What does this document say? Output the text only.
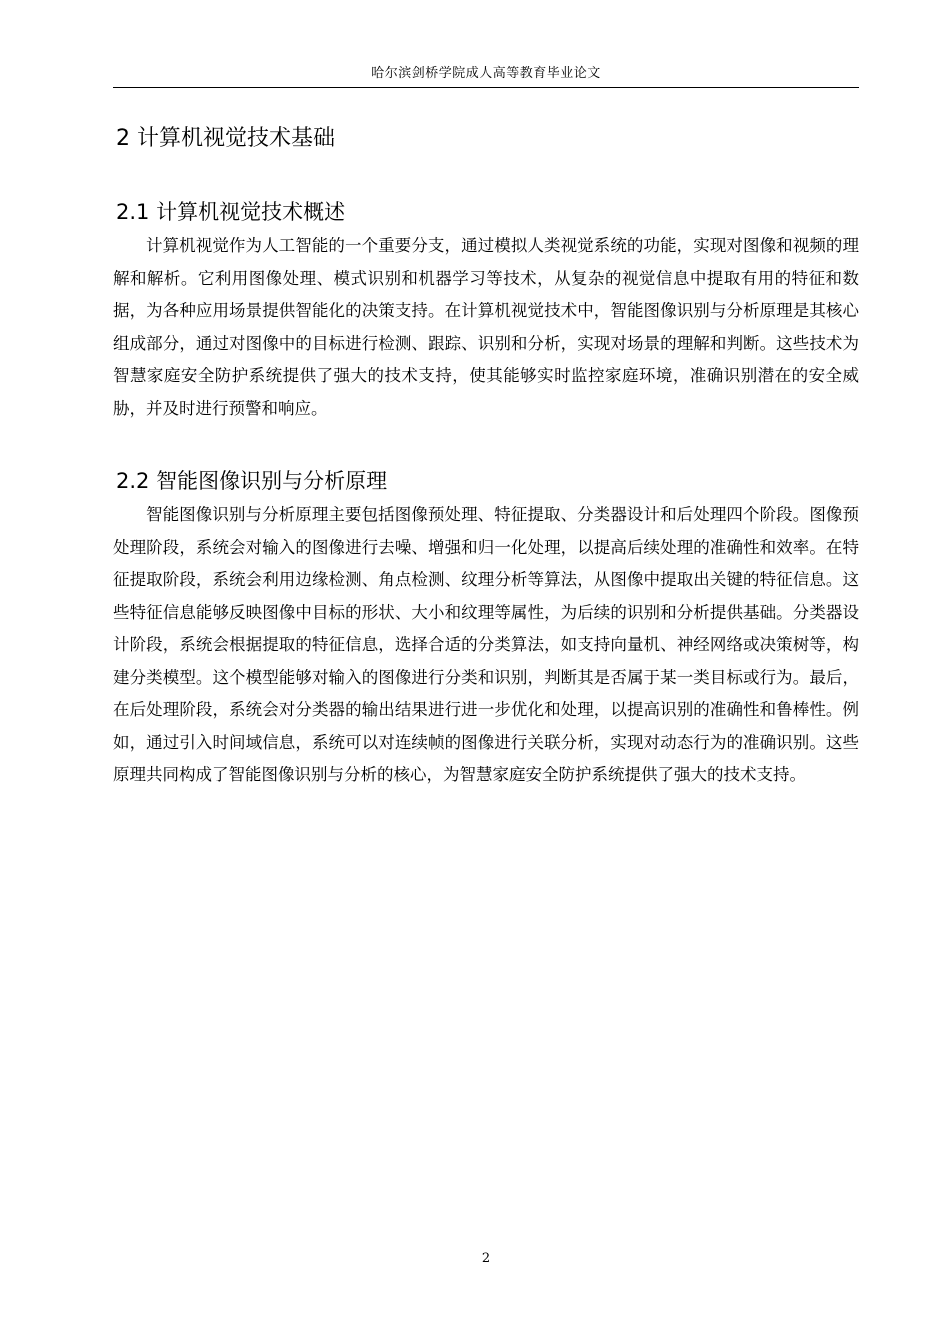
哈尔滨剑桥学院成人高等教育毕业论文
2 计算机视觉技术基础
2.1 计算机视觉技术概述

计算机视觉作为人工智能的一个重要分支，通过模拟人类视觉系统的功能，实现对图像和视频的理解和解析。它利用图像处理、模式识别和机器学习等技术，从复杂的视觉信息中提取有用的特征和数据，为各种应用场景提供智能化的决策支持。在计算机视觉技术中，智能图像识别与分析原理是其核心组成部分，通过对图像中的目标进行检测、跟踪、识别和分析，实现对场景的理解和判断。这些技术为智慧家庭安全防护系统提供了强大的技术支持，使其能够实时监控家庭环境，准确识别潜在的安全威胁，并及时进行预警和响应。

2.2 智能图像识别与分析原理

智能图像识别与分析原理主要包括图像预处理、特征提取、分类器设计和后处理四个阶段。图像预处理阶段，系统会对输入的图像进行去噪、增强和归一化处理，以提高后续处理的准确性和效率。在特征提取阶段，系统会利用边缘检测、角点检测、纹理分析等算法，从图像中提取出关键的特征信息。这些特征信息能够反映图像中目标的形状、大小和纹理等属性，为后续的识别和分析提供基础。分类器设计阶段，系统会根据提取的特征信息，选择合适的分类算法，如支持向量机、神经网络或决策树等，构建分类模型。这个模型能够对输入的图像进行分类和识别，判断其是否属于某一类目标或行为。最后，在后处理阶段，系统会对分类器的输出结果进行进一步优化和处理，以提高识别的准确性和鲁棒性。例如，通过引入时间域信息，系统可以对连续帧的图像进行关联分析，实现对动态行为的准确识别。这些原理共同构成了智能图像识别与分析的核心，为智慧家庭安全防护系统提供了强大的技术支持。

2
